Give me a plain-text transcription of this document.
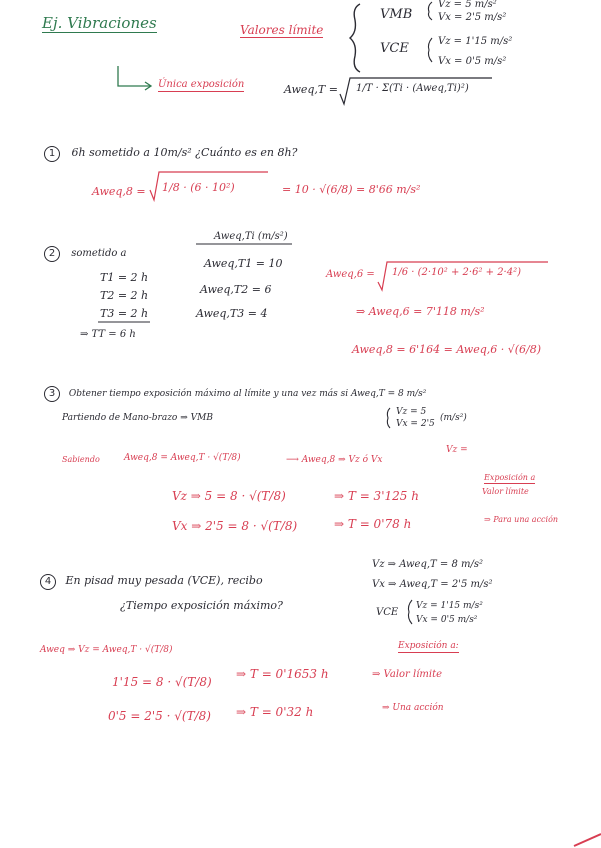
Ej. Vibraciones	Valores límite
VMB
Vz = 5 m/s²
Vx = 2'5 m/s²
VCE	Vz = 1'15 m/s²
Vx = 0'5 m/s²
Única exposición	Aweq,T = 1/T · Σ(Ti · (Aweq,Ti)²)
1 6h sometido a 10m/s² ¿Cuánto es en 8h?
Aweq,8 = 1/8 · (6 · 10²)	= 10 · √(6/8) = 8'66 m/s²
2 sometido a
T1 = 2 h
T2 = 2 h
T3 = 2 h
⇒ TT = 6 h
Aweq,Ti (m/s²)
Aweq,T1 = 10
Aweq,T2 = 6
Aweq,T3 = 4
Aweq,6 = 1/6 · (2·10² + 2·6² + 2·4²)
⇒ Aweq,6 = 7'118 m/s²
Aweq,8 = 6'164 = Aweq,6 · √(6/8)
3 Obtener tiempo exposición máximo al límite y una vez más si Aweq,T = 8 m/s²
Partiendo de Mano-brazo ⇒ VMB
Vz = 5
Vx = 2'5
(m/s²)
Sabiendo	Aweq,8 = Aweq,T · √(T/8)	⟶ Aweq,8 ⇒ Vz ó Vx
Vz =
Exposición a
Valor límite
Vz ⇒ 5 = 8 · √(T/8)	⇒ T = 3'125 h
Vx ⇒ 2'5 = 8 · √(T/8)	⇒ T = 0'78 h	⇒ Para una acción
4 En pisad muy pesada (VCE), recibo
¿Tiempo exposición máximo?
Vz ⇒ Aweq,T = 8 m/s²
Vx ⇒ Aweq,T = 2'5 m/s²
VCE
Vz = 1'15 m/s²
Vx = 0'5 m/s²
Exposición a:
Aweq ⇒ Vz = Aweq,T · √(T/8)
1'15 = 8 · √(T/8)
⇒ T = 0'1653 h	⇒ Valor límite
0'5 = 2'5 · √(T/8) ⇒ T = 0'32 h	⇒ Una acción
